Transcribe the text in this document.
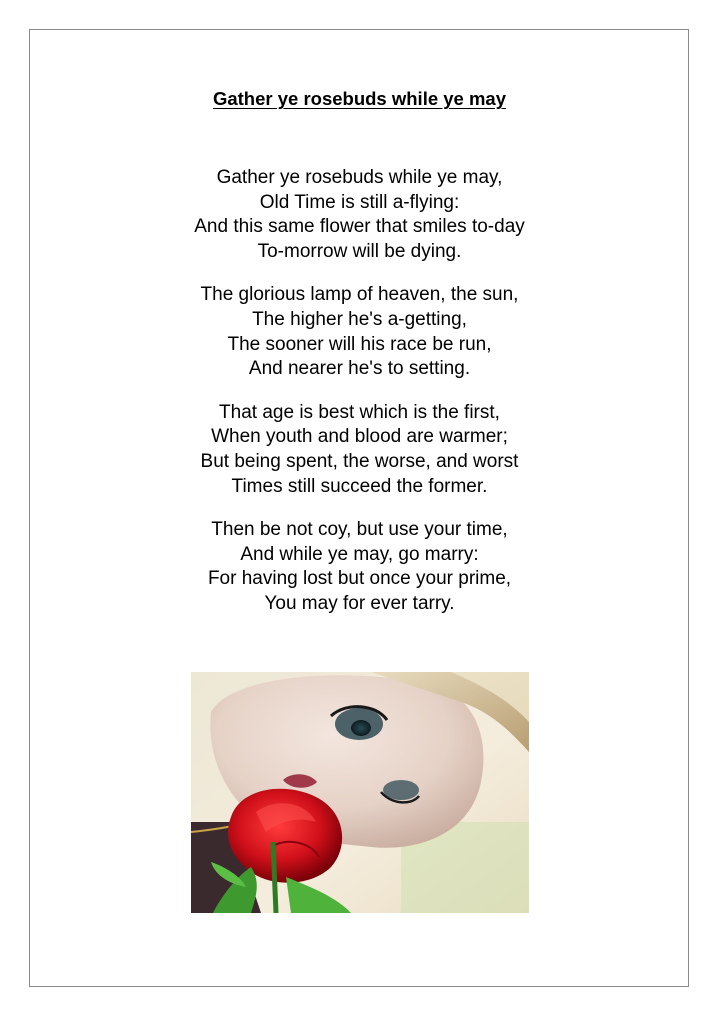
Gather ye rosebuds while ye may
Gather ye rosebuds while ye may,
Old Time is still a-flying:
And this same flower that smiles to-day
To-morrow will be dying.
The glorious lamp of heaven, the sun,
The higher he's a-getting,
The sooner will his race be run,
And nearer he's to setting.
That age is best which is the first,
When youth and blood are warmer;
But being spent, the worse, and worst
Times still succeed the former.
Then be not coy, but use your time,
And while ye may, go marry:
For having lost but once your prime,
You may for ever tarry.
